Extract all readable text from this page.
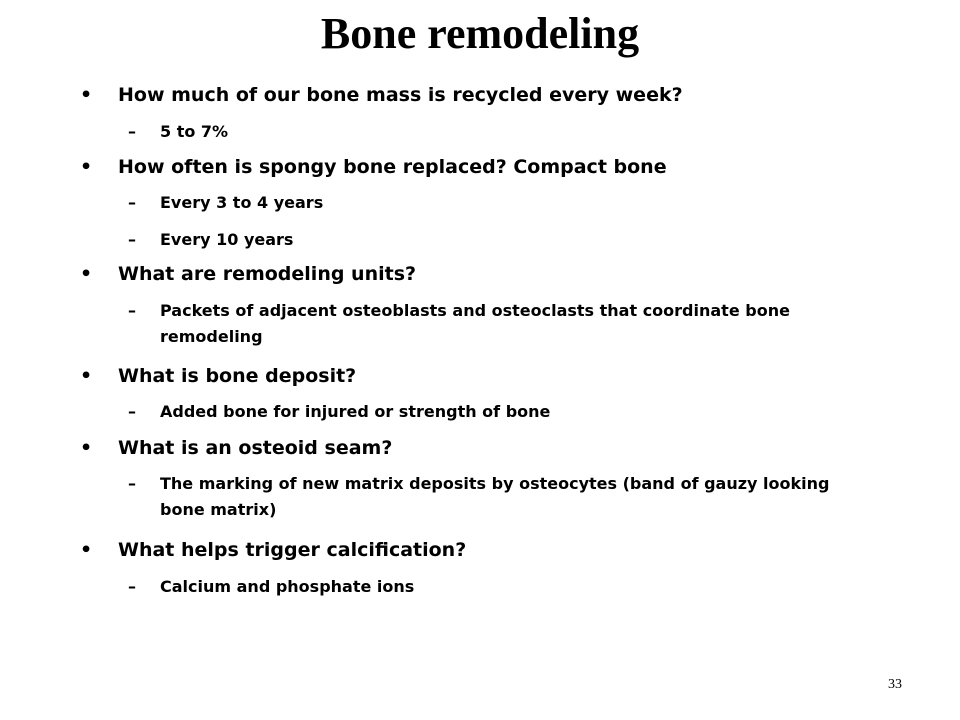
Bone remodeling
• How much of our bone mass is recycled every week?
– 5 to 7%
• How often is spongy bone replaced? Compact bone
– Every 3 to 4 years
– Every 10 years
• What are remodeling units?
– Packets of adjacent osteoblasts and osteoclasts that coordinate bone remodeling
• What is bone deposit?
– Added bone for injured or strength of bone
• What is an osteoid seam?
– The marking of new matrix deposits by osteocytes (band of gauzy looking bone matrix)
• What helps trigger calcification?
– Calcium and phosphate ions
33
